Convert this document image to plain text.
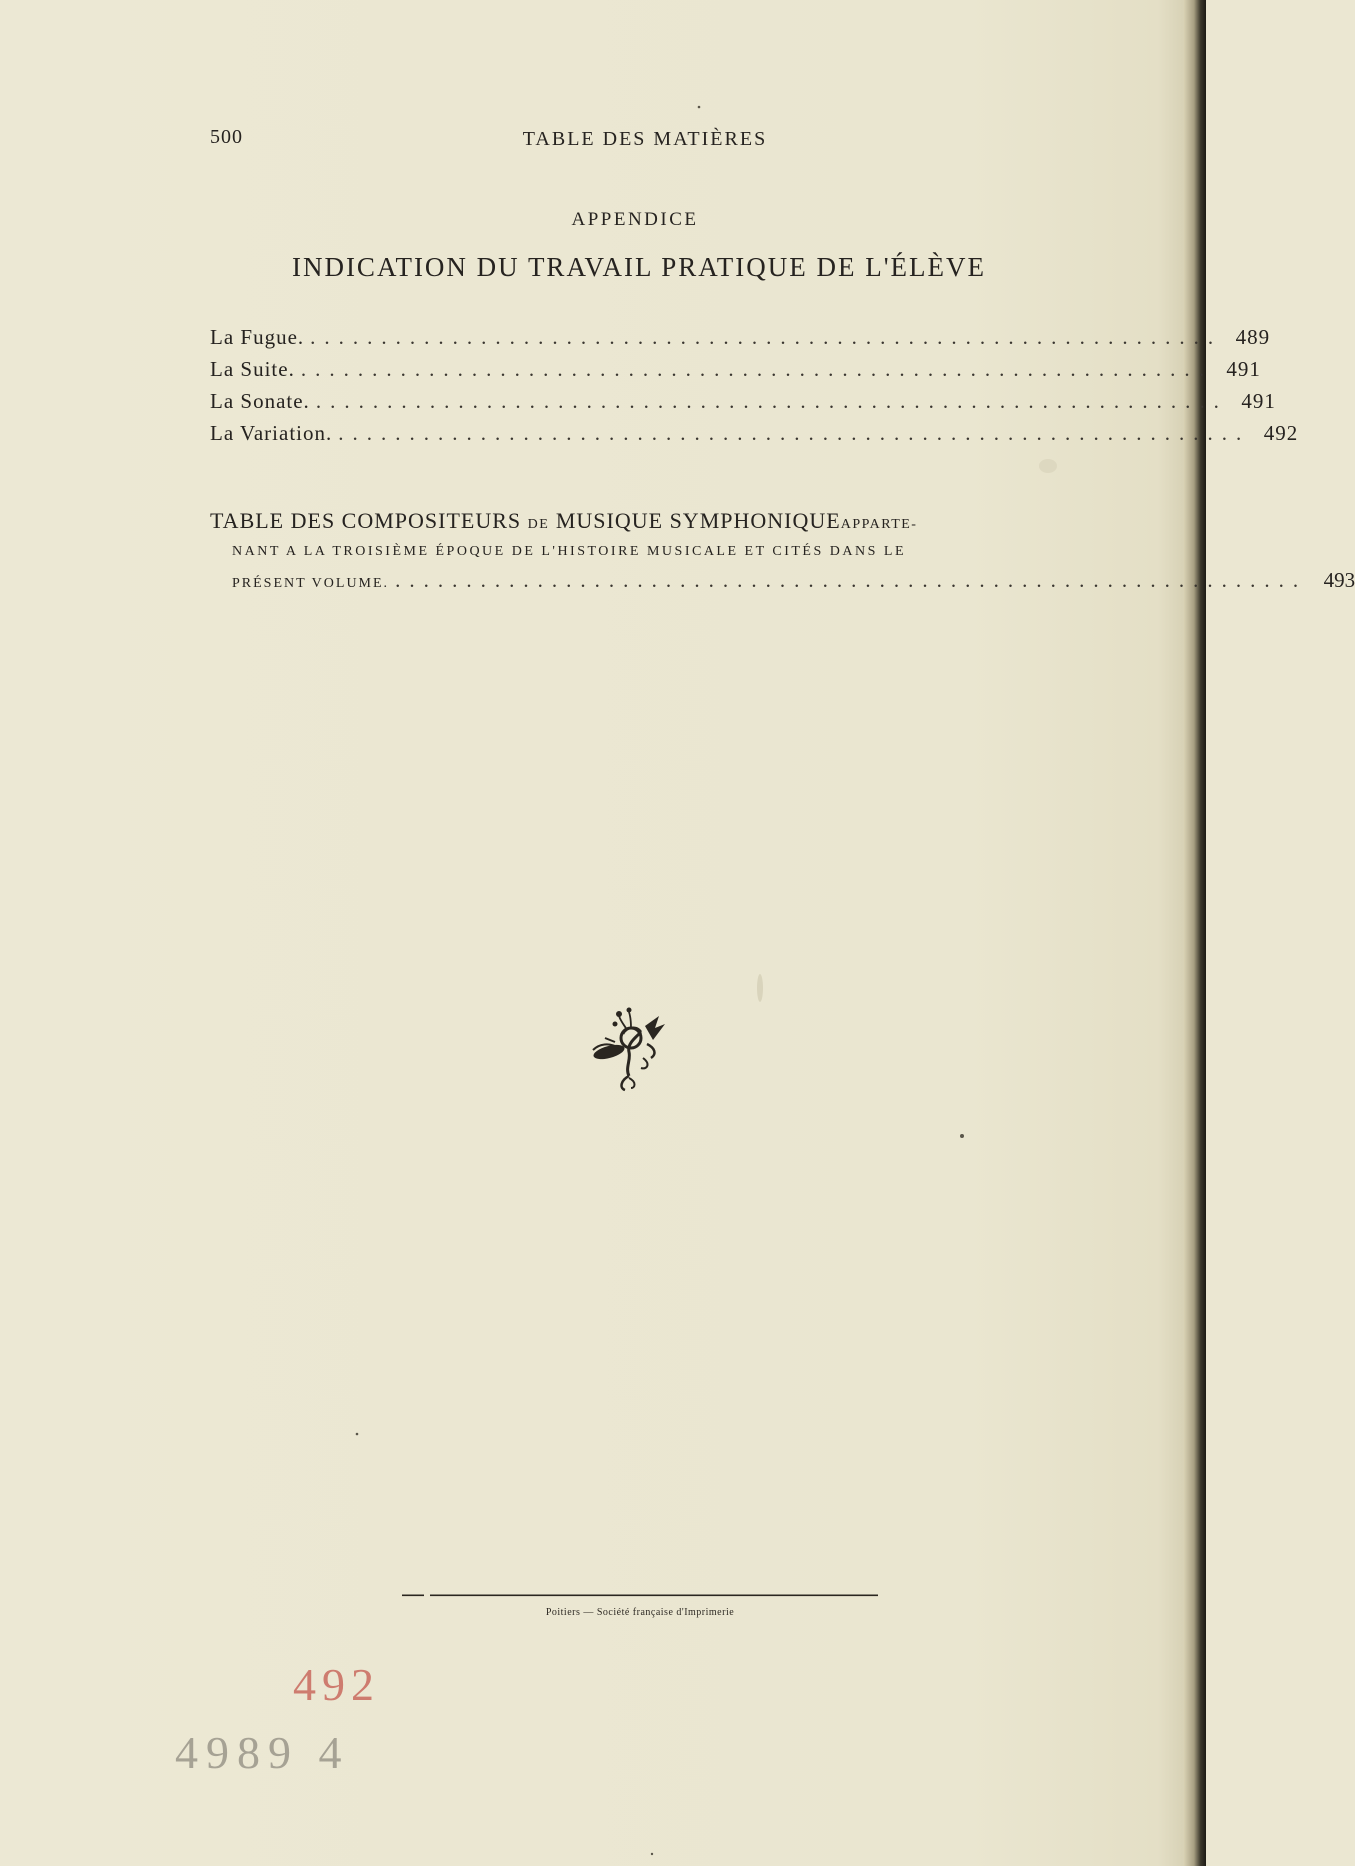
500	TABLE DES MATIÈRES
APPENDICE
INDICATION DU TRAVAIL PRATIQUE DE L'ÉLÈVE
La Fugue. ................................................................ 489
La Suite. ................................................................ 491
La Sonate. ................................................................ 491
La Variation. ................................................................ 492
TABLE DES COMPOSITEURS DE MUSIQUE SYMPHONIQUEAPPARTE-
NANT A LA TROISIÈME ÉPOQUE DE L'HISTOIRE MUSICALE ET CITÉS DANS LE
PRÉSENT VOLUME. ................................................................ 493
Poitiers — Société française d'Imprimerie
492
4989 4
